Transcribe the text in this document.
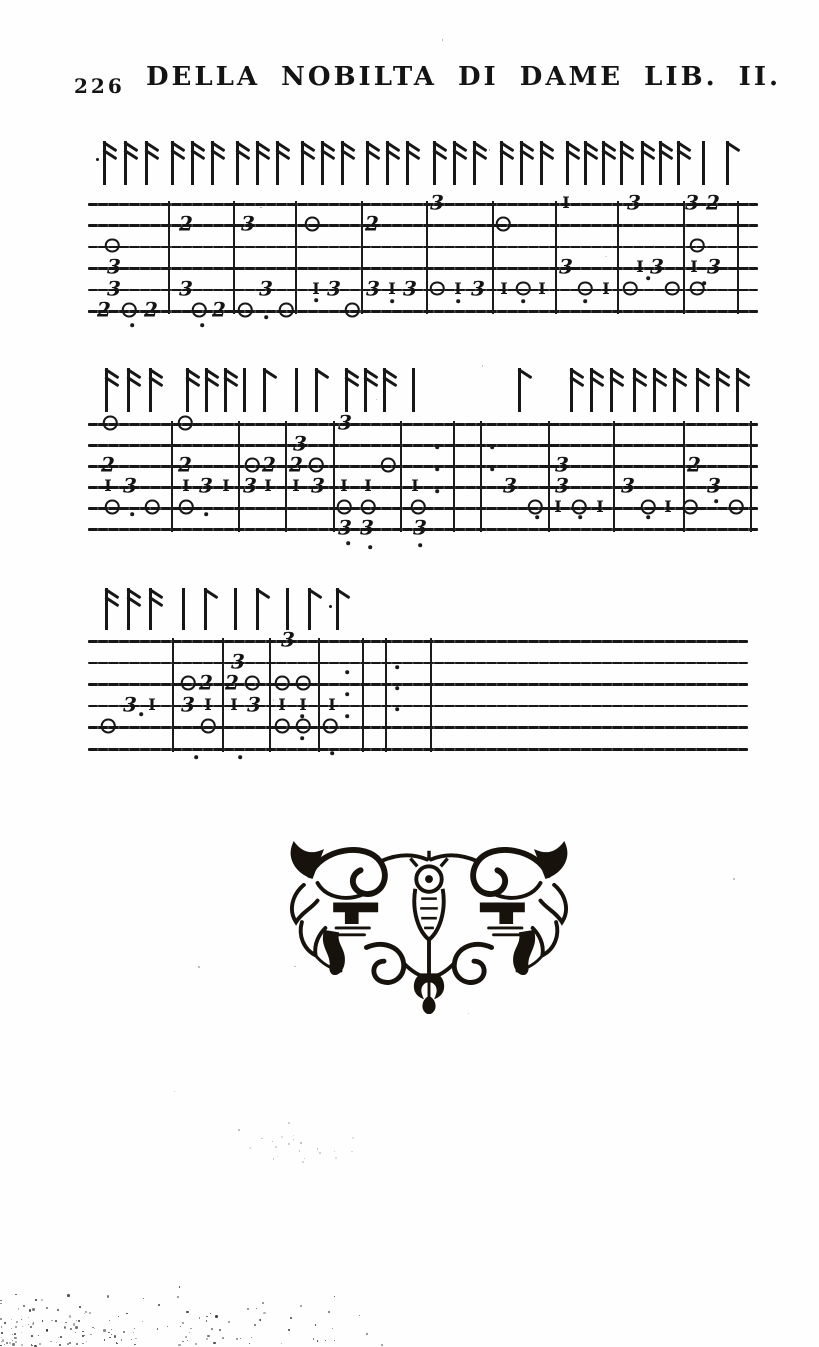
226 DELLA NOBILTA DI DAME LIB. II.
3
3
2 2
2
3
2
3
3 I 3
2
3 I 3
3
I 3 I I
I
3
I
3
I 3
3 2
I 3
2
I 3
2
I 3 I
2
3 I
3
2
I 3
3
I I
3 3
I
3
3
3
3
I I
3
I
2
3
3 I
2
3 I
3
2
I 3
3
I I I
